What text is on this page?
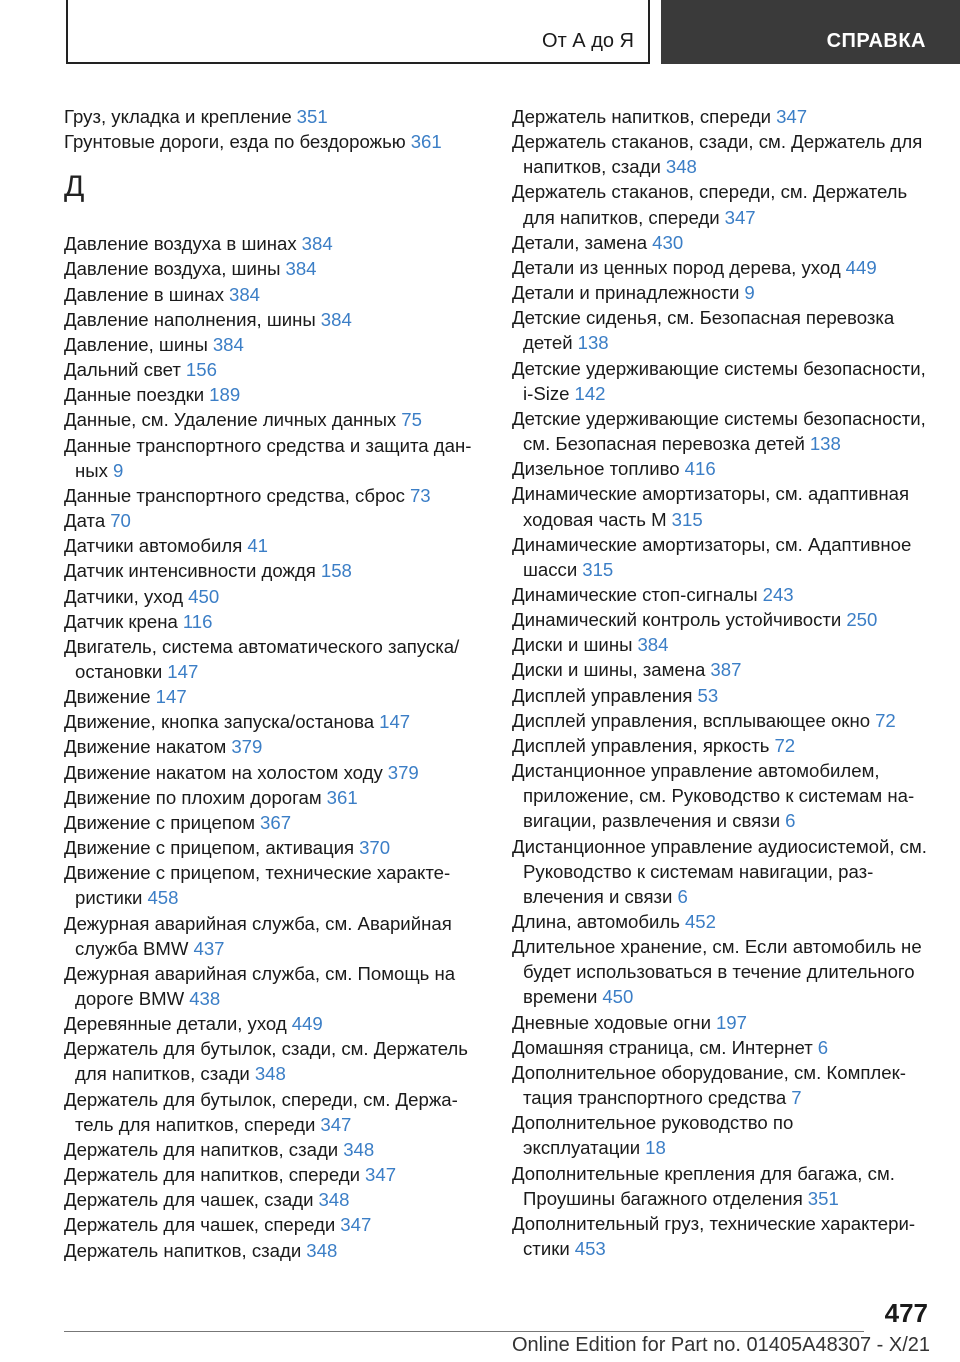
От А до Я	СПРАВКА
Груз, укладка и крепление 351
Грунтовые дороги, езда по бездорожью 361
Д
Давление воздуха в шинах 384
Давление воздуха, шины 384
Давление в шинах 384
Давление наполнения, шины 384
Давление, шины 384
Дальний свет 156
Данные поездки 189
Данные, см. Удаление личных данных 75
Данные транспортного средства и защита данных 9
Данные транспортного средства, сброс 73
Дата 70
Датчики автомобиля 41
Датчик интенсивности дождя 158
Датчики, уход 450
Датчик крена 116
Двигатель, система автоматического запуска/ остановки 147
Движение 147
Движение, кнопка запуска/останова 147
Движение накатом 379
Движение накатом на холостом ходу 379
Движение по плохим дорогам 361
Движение с прицепом 367
Движение с прицепом, активация 370
Движение с прицепом, технические характеристики 458
Дежурная аварийная служба, см. Аварийная служба BMW 437
Дежурная аварийная служба, см. Помощь на дороге BMW 438
Деревянные детали, уход 449
Держатель для бутылок, сзади, см. Держатель для напитков, сзади 348
Держатель для бутылок, спереди, см. Держатель для напитков, спереди 347
Держатель для напитков, сзади 348
Держатель для напитков, спереди 347
Держатель для чашек, сзади 348
Держатель для чашек, спереди 347
Держатель напитков, сзади 348
Держатель напитков, спереди 347
Держатель стаканов, сзади, см. Держатель для напитков, сзади 348
Держатель стаканов, спереди, см. Держатель для напитков, спереди 347
Детали, замена 430
Детали из ценных пород дерева, уход 449
Детали и принадлежности 9
Детские сиденья, см. Безопасная перевозка детей 138
Детские удерживающие системы безопасности, i-Size 142
Детские удерживающие системы безопасности, см. Безопасная перевозка детей 138
Дизельное топливо 416
Динамические амортизаторы, см. адаптивная ходовая часть M 315
Динамические амортизаторы, см. Адаптивное шасси 315
Динамические стоп-сигналы 243
Динамический контроль устойчивости 250
Диски и шины 384
Диски и шины, замена 387
Дисплей управления 53
Дисплей управления, всплывающее окно 72
Дисплей управления, яркость 72
Дистанционное управление автомобилем, приложение, см. Руководство к системам навигации, развлечения и связи 6
Дистанционное управление аудиосистемой, см. Руководство к системам навигации, развлечения и связи 6
Длина, автомобиль 452
Длительное хранение, см. Если автомобиль не будет использоваться в течение длительного времени 450
Дневные ходовые огни 197
Домашняя страница, см. Интернет 6
Дополнительное оборудование, см. Комплектация транспортного средства 7
Дополнительное руководство по эксплуатации 18
Дополнительные крепления для багажа, см. Проушины багажного отделения 351
Дополнительный груз, технические характеристики 453
477
Online Edition for Part no. 01405A48307 - X/21
